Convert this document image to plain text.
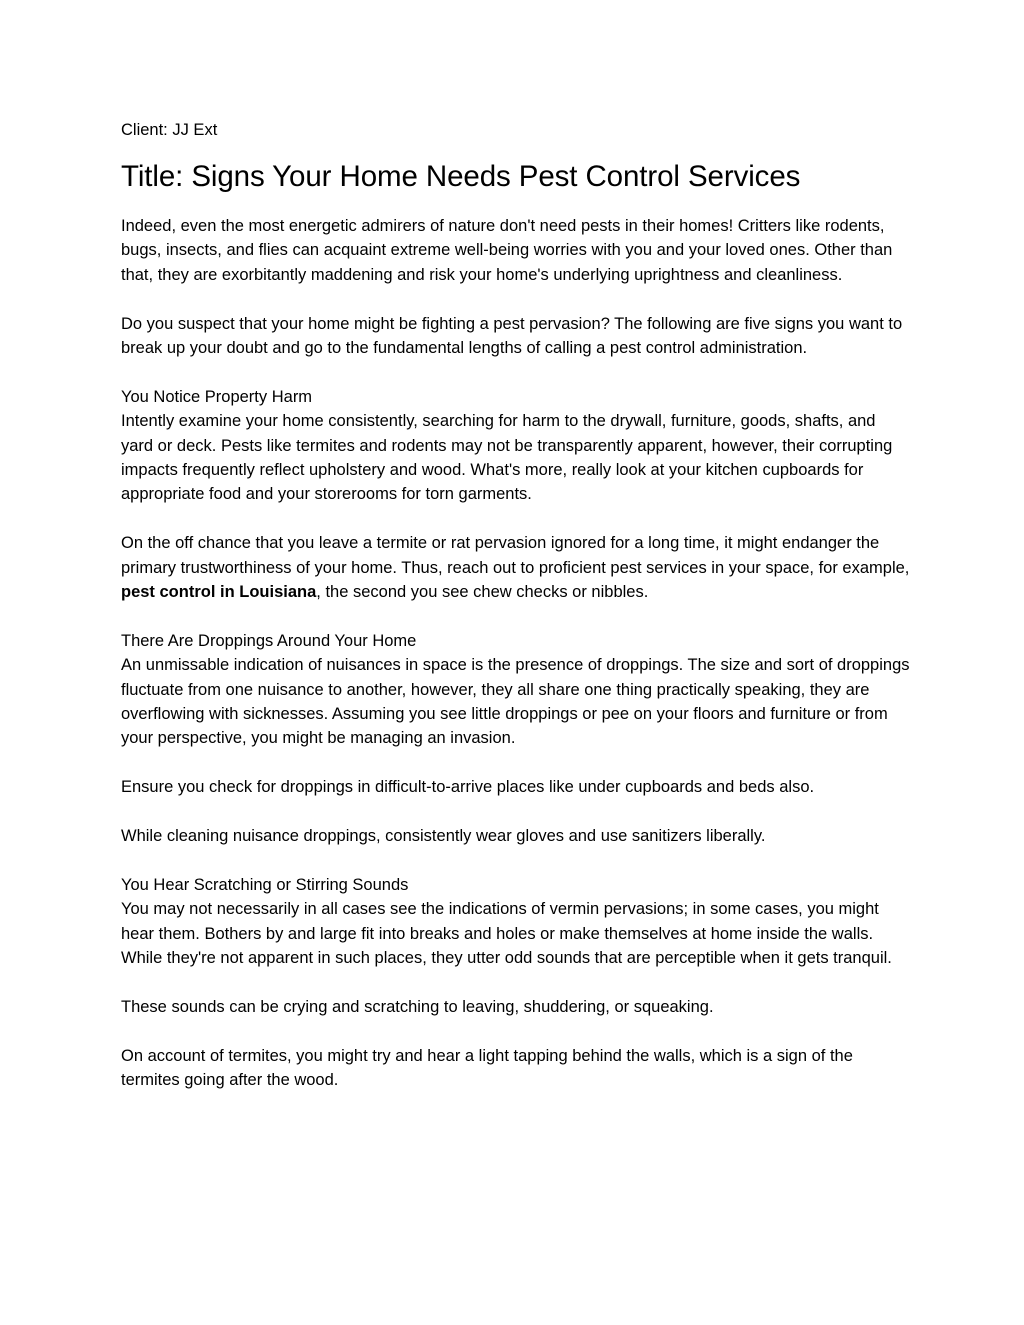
Client: JJ Ext

Title: Signs Your Home Needs Pest Control Services

Indeed, even the most energetic admirers of nature don't need pests in their homes! Critters like rodents, bugs, insects, and flies can acquaint extreme well-being worries with you and your loved ones. Other than that, they are exorbitantly maddening and risk your home's underlying uprightness and cleanliness.

Do you suspect that your home might be fighting a pest pervasion? The following are five signs you want to break up your doubt and go to the fundamental lengths of calling a pest control administration.

You Notice Property Harm
Intently examine your home consistently, searching for harm to the drywall, furniture, goods, shafts, and yard or deck. Pests like termites and rodents may not be transparently apparent, however, their corrupting impacts frequently reflect upholstery and wood. What's more, really look at your kitchen cupboards for appropriate food and your storerooms for torn garments.

On the off chance that you leave a termite or rat pervasion ignored for a long time, it might endanger the primary trustworthiness of your home. Thus, reach out to proficient pest services in your space, for example, pest control in Louisiana, the second you see chew checks or nibbles.

There Are Droppings Around Your Home
An unmissable indication of nuisances in space is the presence of droppings. The size and sort of droppings fluctuate from one nuisance to another, however, they all share one thing practically speaking, they are overflowing with sicknesses. Assuming you see little droppings or pee on your floors and furniture or from your perspective, you might be managing an invasion.

Ensure you check for droppings in difficult-to-arrive places like under cupboards and beds also.

While cleaning nuisance droppings, consistently wear gloves and use sanitizers liberally.

You Hear Scratching or Stirring Sounds
You may not necessarily in all cases see the indications of vermin pervasions; in some cases, you might hear them. Bothers by and large fit into breaks and holes or make themselves at home inside the walls. While they're not apparent in such places, they utter odd sounds that are perceptible when it gets tranquil.

These sounds can be crying and scratching to leaving, shuddering, or squeaking.

On account of termites, you might try and hear a light tapping behind the walls, which is a sign of the termites going after the wood.
